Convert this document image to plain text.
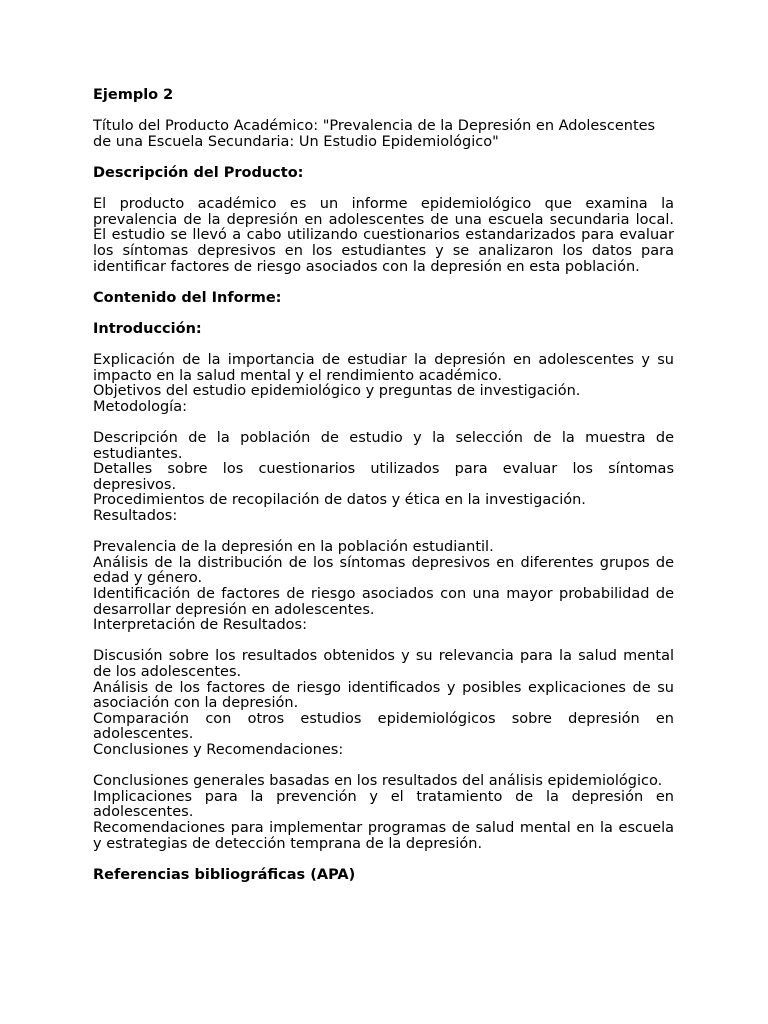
Ejemplo 2

Título del Producto Académico: "Prevalencia de la Depresión en Adolescentes de una Escuela Secundaria: Un Estudio Epidemiológico"

Descripción del Producto:

El producto académico es un informe epidemiológico que examina la prevalencia de la depresión en adolescentes de una escuela secundaria local. El estudio se llevó a cabo utilizando cuestionarios estandarizados para evaluar los síntomas depresivos en los estudiantes y se analizaron los datos para identificar factores de riesgo asociados con la depresión en esta población.

Contenido del Informe:

Introducción:

Explicación de la importancia de estudiar la depresión en adolescentes y su impacto en la salud mental y el rendimiento académico.

Objetivos del estudio epidemiológico y preguntas de investigación.

Metodología:

Descripción de la población de estudio y la selección de la muestra de estudiantes.

Detalles sobre los cuestionarios utilizados para evaluar los síntomas depresivos.

Procedimientos de recopilación de datos y ética en la investigación.

Resultados:

Prevalencia de la depresión en la población estudiantil.

Análisis de la distribución de los síntomas depresivos en diferentes grupos de edad y género.

Identificación de factores de riesgo asociados con una mayor probabilidad de desarrollar depresión en adolescentes.

Interpretación de Resultados:

Discusión sobre los resultados obtenidos y su relevancia para la salud mental de los adolescentes.

Análisis de los factores de riesgo identificados y posibles explicaciones de su asociación con la depresión.

Comparación con otros estudios epidemiológicos sobre depresión en adolescentes.

Conclusiones y Recomendaciones:

Conclusiones generales basadas en los resultados del análisis epidemiológico.

Implicaciones para la prevención y el tratamiento de la depresión en adolescentes.

Recomendaciones para implementar programas de salud mental en la escuela y estrategias de detección temprana de la depresión.

Referencias bibliográficas (APA)
